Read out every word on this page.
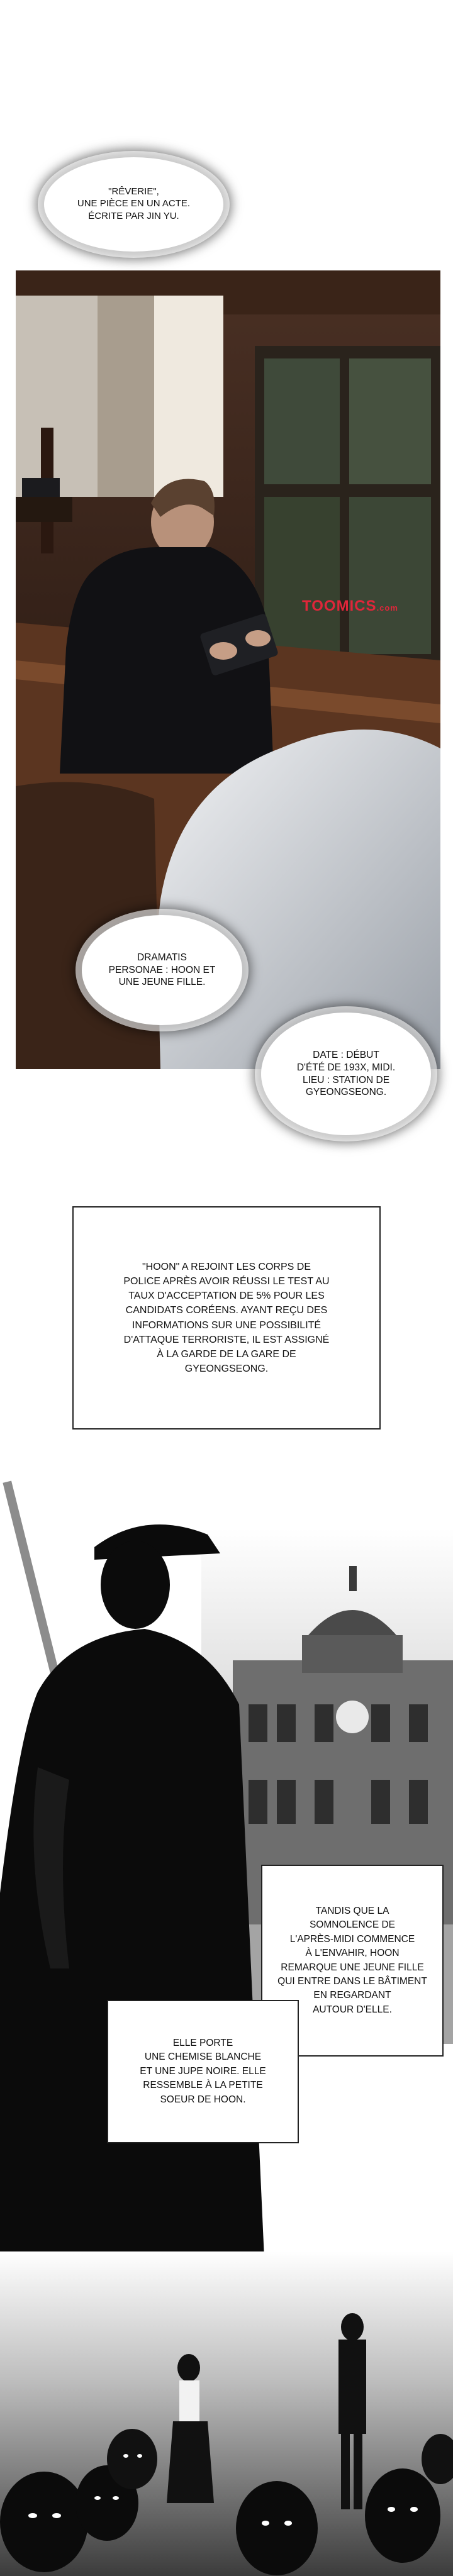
"RÊVERIE",
UNE PIÈCE EN UN ACTE.
ÉCRITE PAR JIN YU.
TOOMICS.com
DRAMATIS
PERSONAE : HOON ET
UNE JEUNE FILLE.
DATE : DÉBUT
D'ÉTÉ DE 193X, MIDI.
LIEU : STATION DE
GYEONGSEONG.
"HOON" A REJOINT LES CORPS DE
POLICE APRÈS AVOIR RÉUSSI LE TEST AU
TAUX D'ACCEPTATION DE 5% POUR LES
CANDIDATS CORÉENS. AYANT REÇU DES
INFORMATIONS SUR UNE POSSIBILITÉ
D'ATTAQUE TERRORISTE, IL EST ASSIGNÉ
À LA GARDE DE LA GARE DE
GYEONGSEONG.
TANDIS QUE LA
SOMNOLENCE DE
L'APRÈS-MIDI COMMENCE
À L'ENVAHIR, HOON
REMARQUE UNE JEUNE FILLE
QUI ENTRE DANS LE BÂTIMENT
EN REGARDANT
AUTOUR D'ELLE.
ELLE PORTE
UNE CHEMISE BLANCHE
ET UNE JUPE NOIRE. ELLE
RESSEMBLE À LA PETITE
SOEUR DE HOON.
